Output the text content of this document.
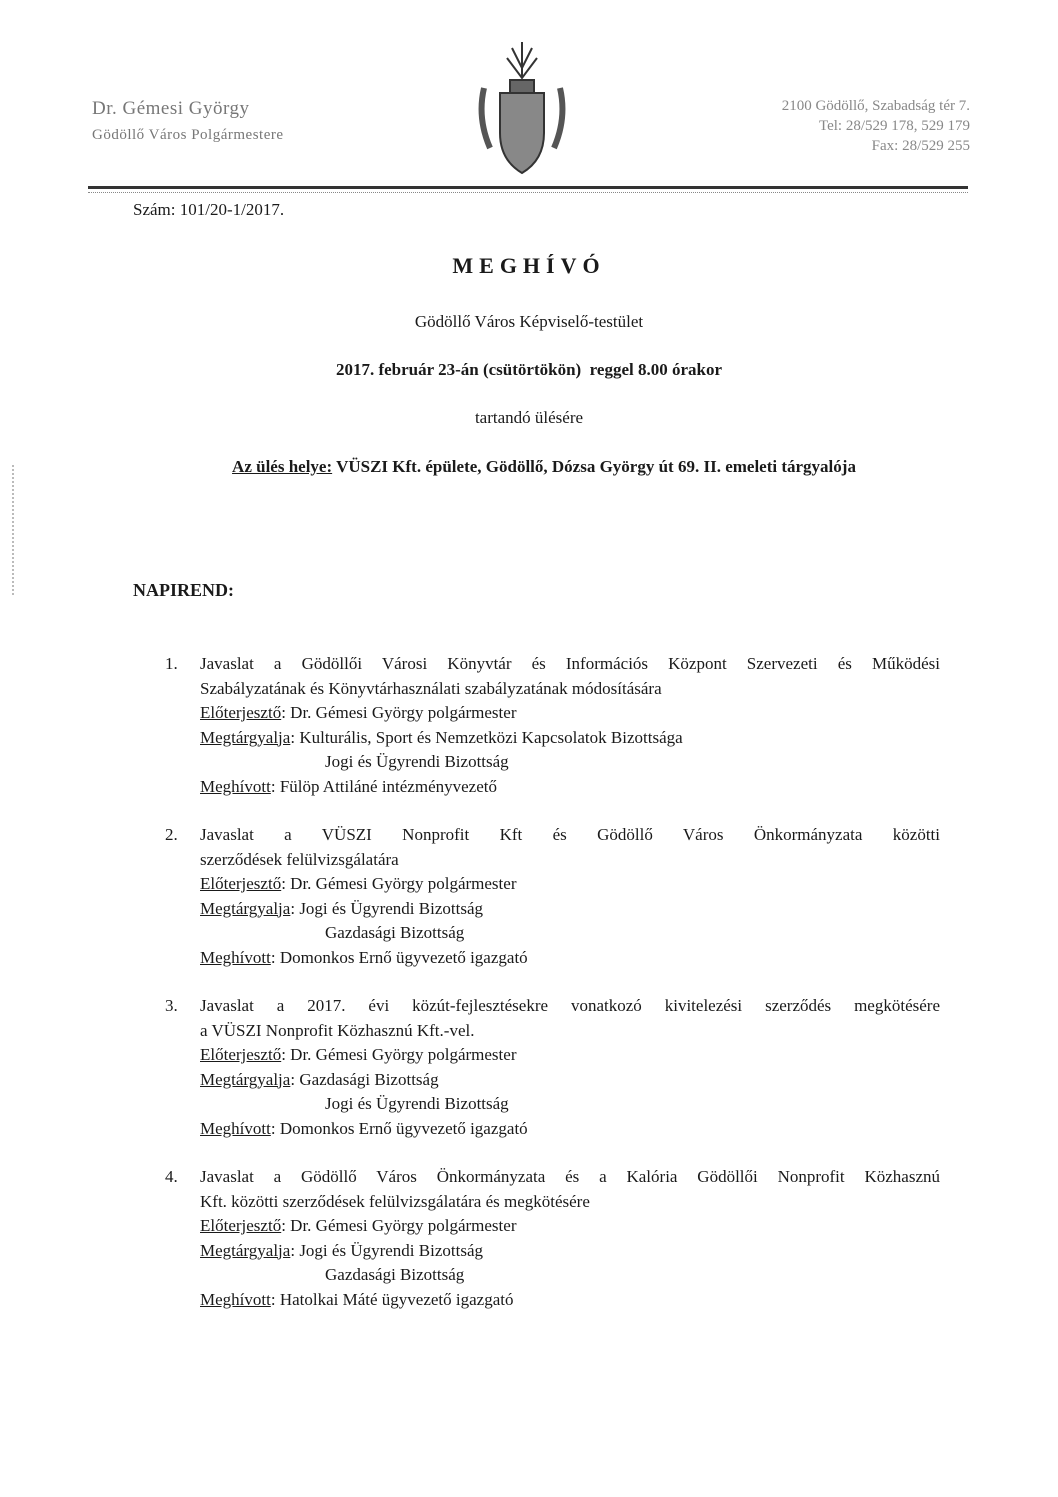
Dr. Gémesi György
Gödöllő Város Polgármestere
2100 Gödöllő, Szabadság tér 7.
Tel: 28/529 178, 529 179
Fax: 28/529 255
Szám: 101/20-1/2017.
MEGHÍVÓ
Gödöllő Város Képviselő-testület
2017. február 23-án (csütörtökön)  reggel 8.00 órakor
tartandó ülésére
Az ülés helye: VÜSZI Kft. épülete, Gödöllő, Dózsa György út 69. II. emeleti tárgyalója
NAPIREND:
1. Javaslat a Gödöllői Városi Könyvtár és Információs Központ Szervezeti és Működési
Szabályzatának és Könyvtárhasználati szabályzatának módosítására
Előterjesztő: Dr. Gémesi György polgármester
Megtárgyalja: Kulturális, Sport és Nemzetközi Kapcsolatok Bizottsága
Jogi és Ügyrendi Bizottság
Meghívott: Fülöp Attiláné intézményvezető
2. Javaslat a VÜSZI Nonprofit Kft és Gödöllő Város Önkormányzata közötti
szerződések felülvizsgálatára
Előterjesztő: Dr. Gémesi György polgármester
Megtárgyalja: Jogi és Ügyrendi Bizottság
Gazdasági Bizottság
Meghívott: Domonkos Ernő ügyvezető igazgató
3. Javaslat a 2017. évi közút-fejlesztésekre vonatkozó kivitelezési szerződés megkötésére
a VÜSZI Nonprofit Közhasznú Kft.-vel.
Előterjesztő: Dr. Gémesi György polgármester
Megtárgyalja: Gazdasági Bizottság
Jogi és Ügyrendi Bizottság
Meghívott: Domonkos Ernő ügyvezető igazgató
4. Javaslat a Gödöllő Város Önkormányzata és a Kalória Gödöllői Nonprofit Közhasznú
Kft. közötti szerződések felülvizsgálatára és megkötésére
Előterjesztő: Dr. Gémesi György polgármester
Megtárgyalja: Jogi és Ügyrendi Bizottság
Gazdasági Bizottság
Meghívott: Hatolkai Máté ügyvezető igazgató
